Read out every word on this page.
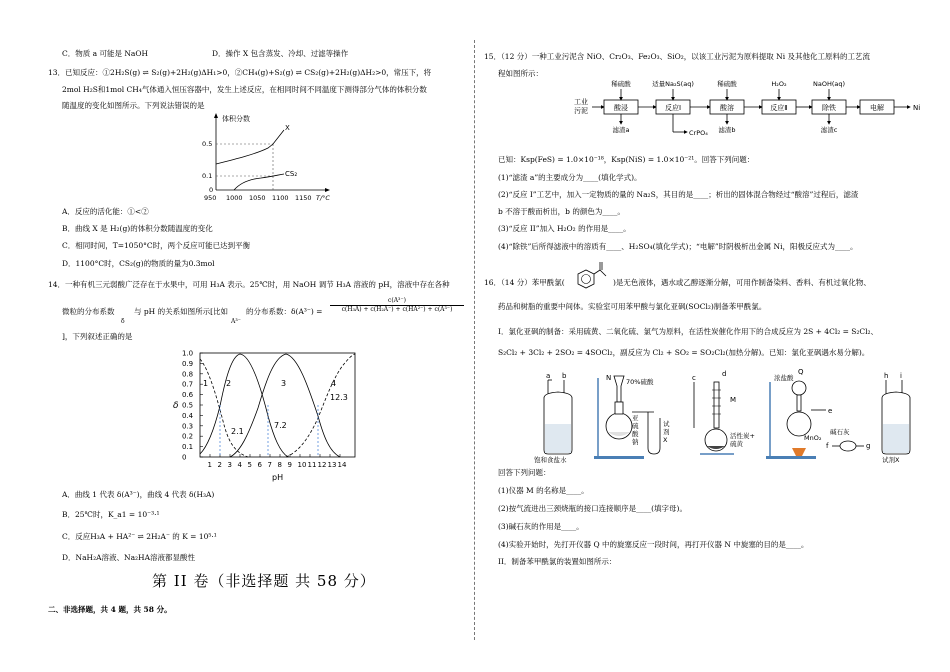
C．物质 a 可能是 NaOH	D．操作 X 包含蒸发、冷却、过滤等操作
13．已知反应：①2H₂S(g) ⇌ S₂(g)+2H₂(g)ΔH₁>0，②CH₄(g)+S₂(g) ⇌ CS₂(g)+2H₂(g)ΔH₂>0，常压下，将
2mol H₂S和1mol CH₄气体通入恒压容器中，发生上述反应，在相同时间不同温度下测得部分气体的体积分数
随温度的变化如图所示。下列说法错误的是
体积分数
X
CS₂
0.5
0.1
0
950 1000 1050 1100 1150 T/°C
A．反应的活化能：①<②
B．曲线 X 是 H₂(g)的体积分数随温度的变化
C．相同时间，T=1050°C时，两个反应可能已达到平衡
D．1100°C时，CS₂(g)的物质的量为0.3mol
14．一种有机三元弱酸广泛存在于水果中，可用 H₃A 表示。25℃时，用 NaOH 调节 H₃A 溶液的 pH，溶液中存在各种
微粒的分布系数
δ
与 pH 的关系如图所示[比如
A³⁻
的分布系数：$\delta(A^{3-}) = \frac{\text{c(A³⁻)}}{\text{c(H₃A) + c(H₂A⁻) + c(HA²⁻) + c(A³⁻)}}$
]，下列叙述正确的是
1.0
0.9
0.8
0.7
0.6
0.5
0.4
0.3
0.2
0.1
0
1 2 3 4 5 6 7 8 9 10 11 12 13 14
1 2	3	4
2.1
7.2
12.3
δ
pH
A．曲线 1 代表 δ(A³⁻)，曲线 4 代表 δ(H₃A)
B．25℃时，K_a1 = 10⁻³·¹
C．反应H₃A + HA²⁻ ⇌ 2H₂A⁻ 的 K = 10⁵·¹
D．NaH₂A溶液、Na₂HA溶液都显酸性
第 II 卷（非选择题 共 58 分）
二、非选择题，共 4 题，共 58 分。
15．（12 分）一种工业污泥含 NiO、Cr₂O₃、Fe₂O₃、SiO₂，以该工业污泥为原料提取 Ni 及其他化工原料的工艺流
程如图所示：
工业
污泥	酸浸	反应Ⅰ	酸溶	反应Ⅱ	除铁	电解	Ni
稀硫酸	适量Na₂S(aq)	稀硫酸	H₂O₂	NaOH(aq)
滤渣a	滤渣b	滤渣c
CrPO₄
已知：Ksp(FeS) = 1.0×10⁻¹⁸，Ksp(NiS) = 1.0×10⁻²¹。回答下列问题：
(1)“滤渣 a”的主要成分为____(填化学式)。
(2)“反应 I”工艺中，加入一定物质的量的 Na₂S，其目的是____；析出的固体混合物经过“酸溶”过程后，滤渣
b 不溶于酸而析出，b 的颜色为____。
(3)“反应 II”加入 H₂O₂ 的作用是____。
(4)“除铁”后所得滤液中的溶质有____、H₂SO₄(填化学式)；“电解”时阴极析出金属 Ni，阳极反应式为____。
16．（14 分）苯甲酰氯(	)是无色液体，遇水或乙醇逐渐分解，可用作制备染料、香料、有机过氧化物、
药品和树脂的重要中间体。实验室可用苯甲酸与氯化亚砜(SOCl₂)制备苯甲酰氯。
I．氯化亚砜的制备：采用硫黄、二氧化硫、氯气为原料，在活性炭催化作用下的合成反应为 2S + 4Cl₂ = S₂Cl₂、
S₂Cl₂ + 3Cl₂ + 2SO₂ = 4SOCl₂，副反应为 Cl₂ + SO₂ = SO₂Cl₂(加热分解)。已知：氯化亚砜遇水易分解)。
a b
饱和食盐水
N 70%硫酸
亚
硫
酸
钠
试
剂
X
c	d
M
活性炭+
硫黄
浓盐酸
Q
MnO₂
e
碱石灰
f	g
h i
试剂X
回答下列问题：
(1)仪器 M 的名称是____。
(2)按气流进出三颈烧瓶的接口连接顺序是____(填字母)。
(3)碱石灰的作用是____。
(4)实验开始时，先打开仪器 Q 中的旋塞反应一段时间，再打开仪器 N 中旋塞的目的是____。
II．制备苯甲酰氯的装置如图所示：
